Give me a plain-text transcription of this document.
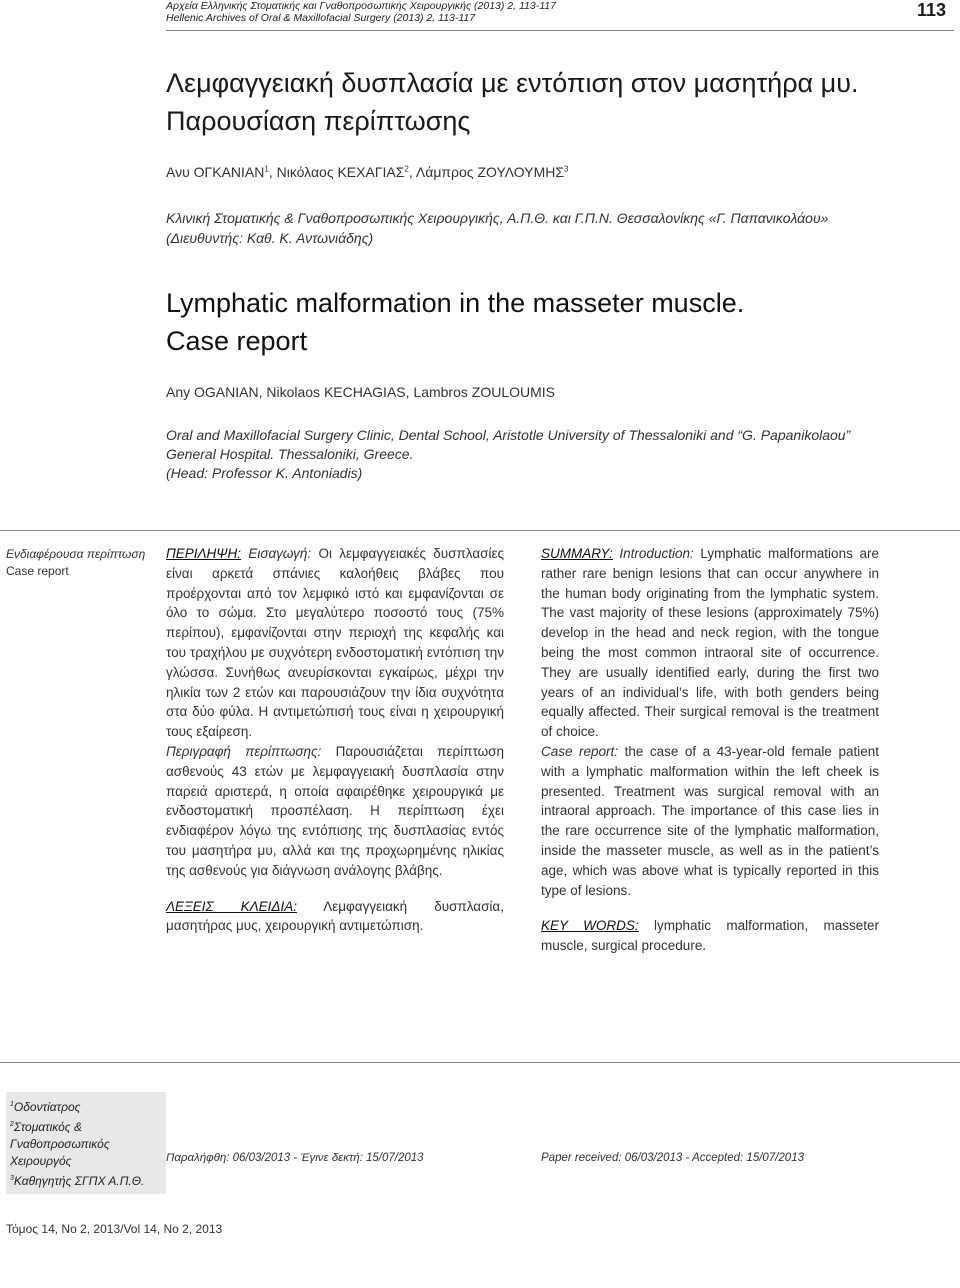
Αρχεία Ελληνικής Στοματικής και Γναθοπροσωπικής Χειρουργικής (2013) 2, 113-117
Hellenic Archives of Oral & Maxillofacial Surgery (2013) 2, 113-117	113
Λεμφαγγειακή δυσπλασία με εντόπιση στον μασητήρα μυ.
Παρουσίαση περίπτωσης
Ανυ ΟΓΚΑΝΙΑΝ$^1$, Νικόλαος ΚΕΧΑΓΙΑΣ$^2$, Λάμπρος ΖΟΥΛΟΥΜΗΣ$^3$
Κλινική Στοματικής & Γναθοπροσωπικής Χειρουργικής, Α.Π.Θ. και Γ.Π.Ν. Θεσσαλονίκης «Γ. Παπανικολάου»
(Διευθυντής: Καθ. Κ. Αντωνιάδης)
Lymphatic malformation in the masseter muscle.
Case report
Any OGANIAN, Nikolaos KECHAGIAS, Lambros ZOULOUMIS
Oral and Maxillofacial Surgery Clinic, Dental School, Aristotle University of Thessaloniki and “G. Papanikolaou”
General Hospital. Thessaloniki, Greece.
(Head: Professor K. Antoniadis)
Ενδιαφέρουσα περίπτωση
Case report

ΠΕΡΙΛΗΨΗ: Εισαγωγή: Οι λεμφαγγειακές δυσπλασίες είναι αρκετά σπάνιες καλοήθεις βλάβες που προέρχονται από τον λεμφικό ιστό και εμφανίζονται σε όλο το σώμα. Στο μεγαλύτερο ποσοστό τους (75% περίπου), εμφανίζονται στην περιοχή της κεφαλής και του τραχήλου με συχνότερη ενδοστοματική εντόπιση την γλώσσα. Συνήθως ανευρίσκονται εγκαίρως, μέχρι την ηλικία των 2 ετών και παρουσιάζουν την ίδια συχνότητα στα δύο φύλα. Η αντιμετώπισή τους είναι η χειρουργική τους εξαίρεση.

Περιγραφή περίπτωσης: Παρουσιάζεται περίπτωση ασθενούς 43 ετών με λεμφαγγειακή δυσπλασία στην παρειά αριστερά, η οποία αφαιρέθηκε χειρουργικά με ενδοστοματική προσπέλαση. Η περίπτωση έχει ενδιαφέρον λόγω της εντόπισης της δυσπλασίας εντός του μασητήρα μυ, αλλά και της προχωρημένης ηλικίας της ασθενούς για διάγνωση ανάλογης βλάβης.

ΛΕΞΕΙΣ ΚΛΕΙΔΙΑ: Λεμφαγγειακή δυσπλασία, μασητήρας μυς, χειρουργική αντιμετώπιση.

SUMMARY: Introduction: Lymphatic malformations are rather rare benign lesions that can occur anywhere in the human body originating from the lymphatic system. The vast majority of these lesions (approximately 75%) develop in the head and neck region, with the tongue being the most common intraoral site of occurrence. They are usually identified early, during the first two years of an individual’s life, with both genders being equally affected. Their surgical removal is the treatment of choice.

Case report: the case of a 43-year-old female patient with a lymphatic malformation within the left cheek is presented. Treatment was surgical removal with an intraoral approach. The importance of this case lies in the rare occurrence site of the lymphatic malformation, inside the masseter muscle, as well as in the patient’s age, which was above what is typically reported in this type of lesions.

KEY WORDS: lymphatic malformation, masseter muscle, surgical procedure.

$^1$Οδοντίατρος
$^2$Στοματικός & Γναθοπροσωπικός Χειρουργός
$^3$Καθηγητής ΣΓΠΧ Α.Π.Θ.
Παραλήφθη: 06/03/2013 - Έγινε δεκτή: 15/07/2013	Paper received: 06/03/2013 - Accepted: 15/07/2013
Τόμος 14, Νο 2, 2013/Vol 14, No 2, 2013
